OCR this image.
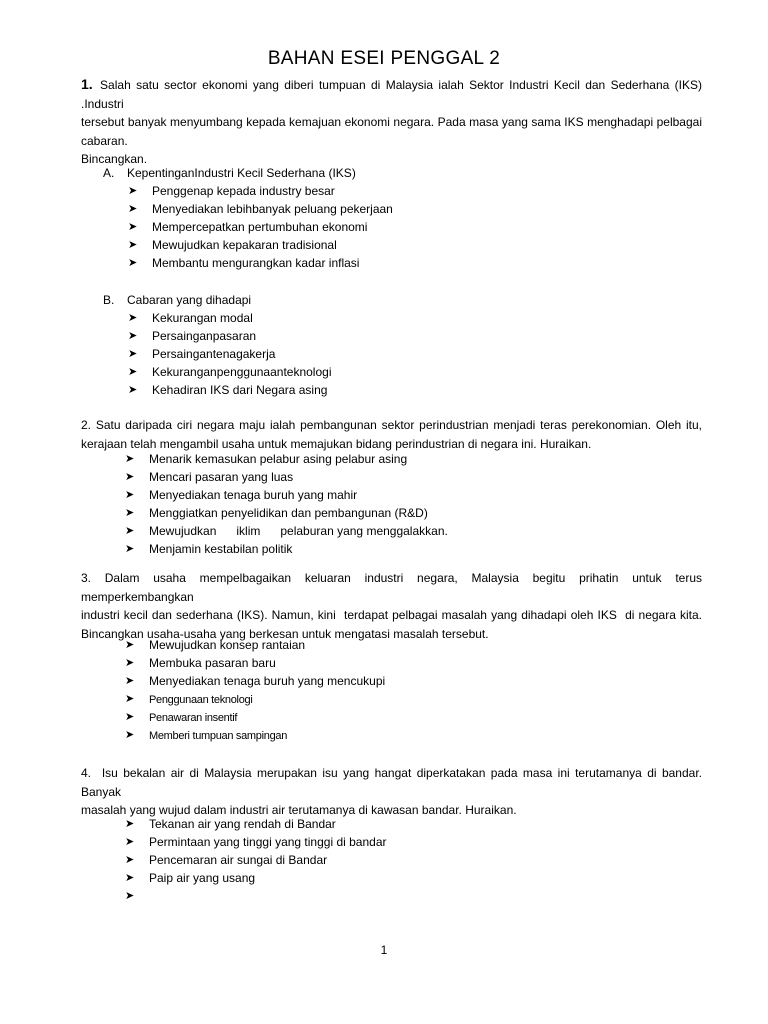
BAHAN ESEI PENGGAL 2
1. Salah satu sector ekonomi yang diberi tumpuan di Malaysia ialah Sektor Industri Kecil dan Sederhana (IKS) .Industri
tersebut banyak menyumbang kepada kemajuan ekonomi negara. Pada masa yang sama IKS menghadapi pelbagai
cabaran.
Bincangkan.
A. KepentinganIndustri Kecil Sederhana (IKS)
➤	Penggenap kepada industry besar
➤	Menyediakan lebihbanyak peluang pekerjaan
➤	Mempercepatkan pertumbuhan ekonomi
➤	Mewujudkan kepakaran tradisional
➤	Membantu mengurangkan kadar inflasi
B. Cabaran yang dihadapi
➤	Kekurangan modal
➤	Persainganpasaran
➤	Persaingantenagakerja
➤	Kekuranganpenggunaanteknologi
➤	Kehadiran IKS dari Negara asing
2. Satu daripada ciri negara maju ialah pembangunan sektor perindustrian menjadi teras perekonomian. Oleh itu,
kerajaan telah mengambil usaha untuk memajukan bidang perindustrian di negara ini. Huraikan.
➤	Menarik kemasukan pelabur asing pelabur asing
➤	Mencari pasaran yang luas
➤	Menyediakan tenaga buruh yang mahir
➤	Menggiatkan penyelidikan dan pembangunan (R&D)
➤	Mewujudkan      iklim      pelaburan yang menggalakkan.
➤	Menjamin kestabilan politik
3. Dalam usaha mempelbagaikan keluaran industri negara, Malaysia begitu prihatin untuk terus memperkembangkan
industri kecil dan sederhana (IKS). Namun, kini  terdapat pelbagai masalah yang dihadapi oleh IKS  di negara kita.
Bincangkan usaha-usaha yang berkesan untuk mengatasi masalah tersebut.
➤	Mewujudkan konsep rantaian
➤	Membuka pasaran baru
➤	Menyediakan tenaga buruh yang mencukupi
➤	Penggunaan teknologi
➤	Penawaran insentif
➤	Memberi tumpuan sampingan
4.  Isu bekalan air di Malaysia merupakan isu yang hangat diperkatakan pada masa ini terutamanya di bandar. Banyak
masalah yang wujud dalam industri air terutamanya di kawasan bandar. Huraikan.
➤	Tekanan air yang rendah di Bandar
➤	Permintaan yang tinggi yang tinggi di bandar
➤	Pencemaran air sungai di Bandar
➤	Paip air yang usang
➤
1
